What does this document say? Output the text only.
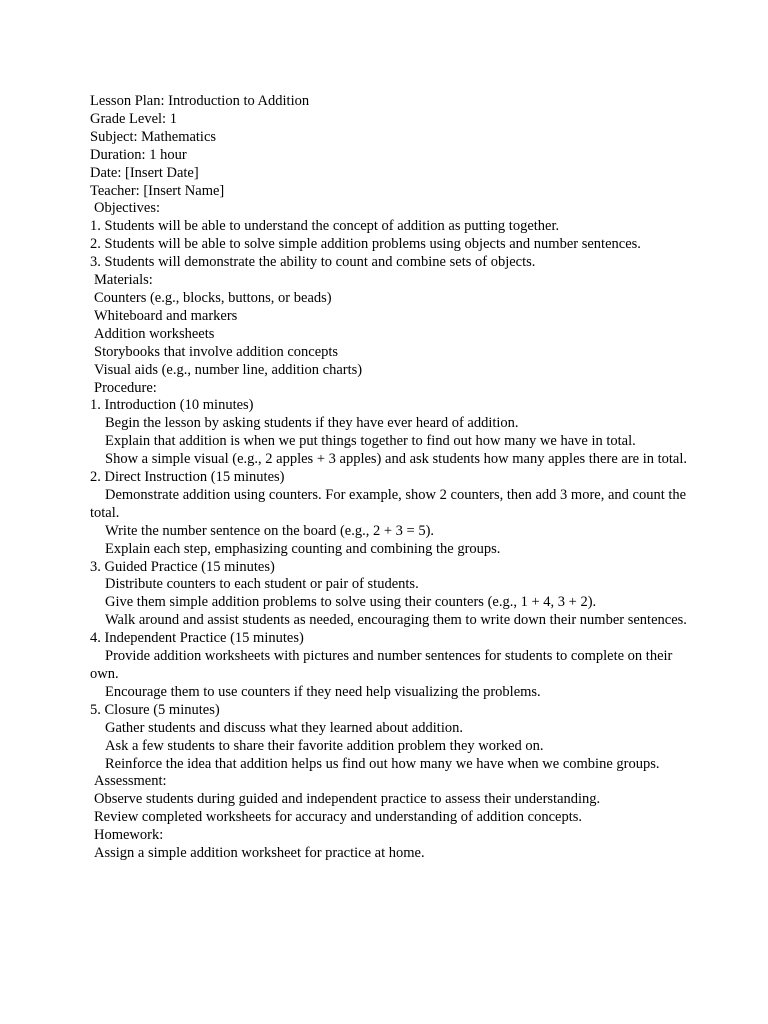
Lesson Plan: Introduction to Addition
Grade Level: 1
Subject: Mathematics
Duration: 1 hour
Date: [Insert Date]
Teacher: [Insert Name]
Objectives:
1. Students will be able to understand the concept of addition as putting together.
2. Students will be able to solve simple addition problems using objects and number sentences.
3. Students will demonstrate the ability to count and combine sets of objects.
Materials:
Counters (e.g., blocks, buttons, or beads)
Whiteboard and markers
Addition worksheets
Storybooks that involve addition concepts
Visual aids (e.g., number line, addition charts)
Procedure:
1. Introduction (10 minutes)
Begin the lesson by asking students if they have ever heard of addition.
Explain that addition is when we put things together to find out how many we have in total.
Show a simple visual (e.g., 2 apples + 3 apples) and ask students how many apples there are in total.
2. Direct Instruction (15 minutes)
Demonstrate addition using counters. For example, show 2 counters, then add 3 more, and count the total.
Write the number sentence on the board (e.g., 2 + 3 = 5).
Explain each step, emphasizing counting and combining the groups.
3. Guided Practice (15 minutes)
Distribute counters to each student or pair of students.
Give them simple addition problems to solve using their counters (e.g., 1 + 4, 3 + 2).
Walk around and assist students as needed, encouraging them to write down their number sentences.
4. Independent Practice (15 minutes)
Provide addition worksheets with pictures and number sentences for students to complete on their own.
Encourage them to use counters if they need help visualizing the problems.
5. Closure (5 minutes)
Gather students and discuss what they learned about addition.
Ask a few students to share their favorite addition problem they worked on.
Reinforce the idea that addition helps us find out how many we have when we combine groups.
Assessment:
Observe students during guided and independent practice to assess their understanding.
Review completed worksheets for accuracy and understanding of addition concepts.
Homework:
Assign a simple addition worksheet for practice at home.
